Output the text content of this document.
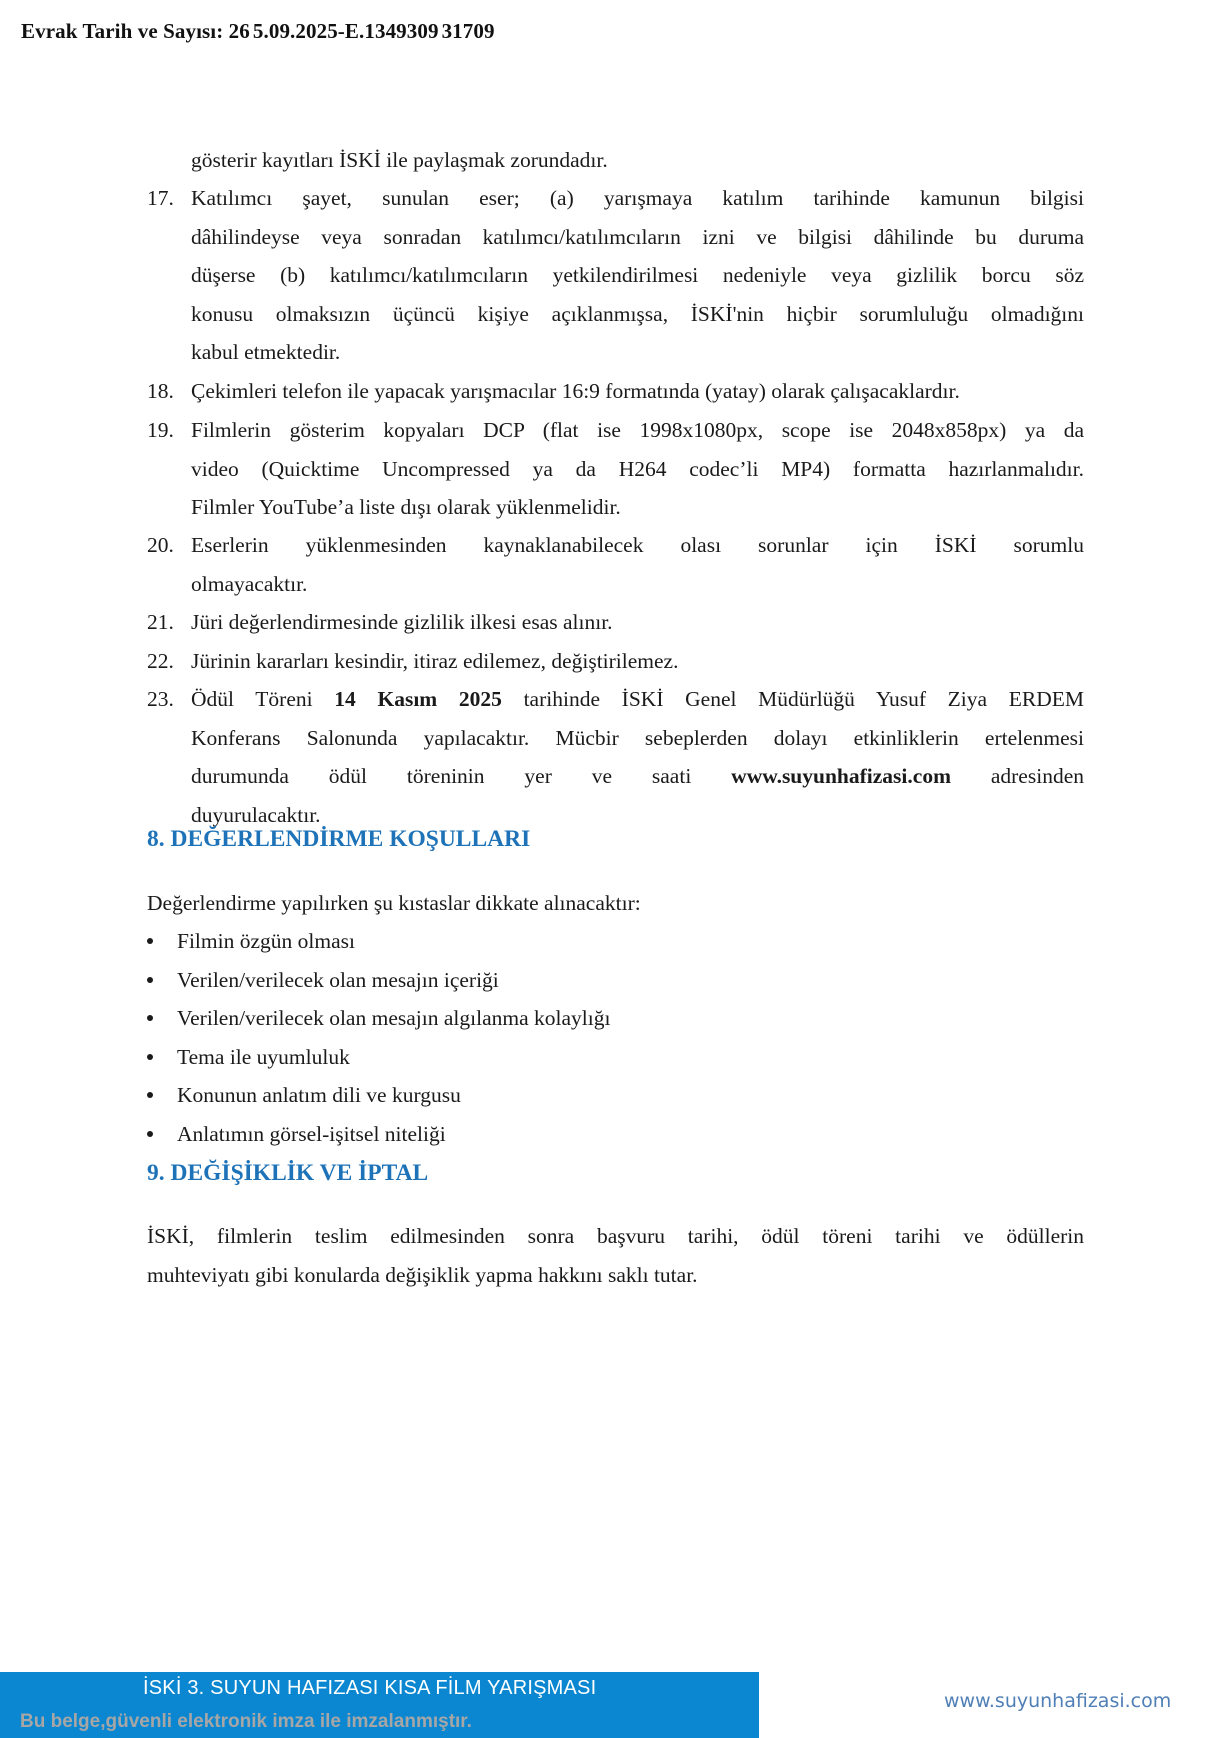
Evrak Tarih ve Sayısı: 26 5.09.2025-E.1349309 31709
gösterir kayıtları İSKİ ile paylaşmak zorundadır.
17. Katılımcı şayet, sunulan eser; (a) yarışmaya katılım tarihinde kamunun bilgisi
dâhilindeyse veya sonradan katılımcı/katılımcıların izni ve bilgisi dâhilinde bu duruma
düşerse (b) katılımcı/katılımcıların yetkilendirilmesi nedeniyle veya gizlilik borcu söz
konusu olmaksızın üçüncü kişiye açıklanmışsa, İSKİ'nin hiçbir sorumluluğu olmadığını
kabul etmektedir.
18. Çekimleri telefon ile yapacak yarışmacılar 16:9 formatında (yatay) olarak çalışacaklardır.
19. Filmlerin gösterim kopyaları DCP (flat ise 1998x1080px, scope ise 2048x858px) ya da
video (Quicktime Uncompressed ya da H264 codec’li MP4) formatta hazırlanmalıdır.
Filmler YouTube’a liste dışı olarak yüklenmelidir.
20. Eserlerin yüklenmesinden kaynaklanabilecek olası sorunlar için İSKİ sorumlu
olmayacaktır.
21. Jüri değerlendirmesinde gizlilik ilkesi esas alınır.
22. Jürinin kararları kesindir, itiraz edilemez, değiştirilemez.
23. Ödül Töreni 14 Kasım 2025 tarihinde İSKİ Genel Müdürlüğü Yusuf Ziya ERDEM
Konferans Salonunda yapılacaktır. Mücbir sebeplerden dolayı etkinliklerin ertelenmesi
durumunda ödül töreninin yer ve saati www.suyunhafizasi.com adresinden
duyurulacaktır.
8. DEĞERLENDİRME KOŞULLARI
Değerlendirme yapılırken şu kıstaslar dikkate alınacaktır:
Filmin özgün olması
Verilen/verilecek olan mesajın içeriği
Verilen/verilecek olan mesajın algılanma kolaylığı
Tema ile uyumluluk
Konunun anlatım dili ve kurgusu
Anlatımın görsel-işitsel niteliği
9. DEĞİŞİKLİK VE İPTAL
İSKİ, filmlerin teslim edilmesinden sonra başvuru tarihi, ödül töreni tarihi ve ödüllerin
muhteviyatı gibi konularda değişiklik yapma hakkını saklı tutar.
İSKİ 3. SUYUN HAFIZASI KISA FİLM YARIŞMASI
Bu belge,güvenli elektronik imza ile imzalanmıştır.
www.suyunhafizasi.com
